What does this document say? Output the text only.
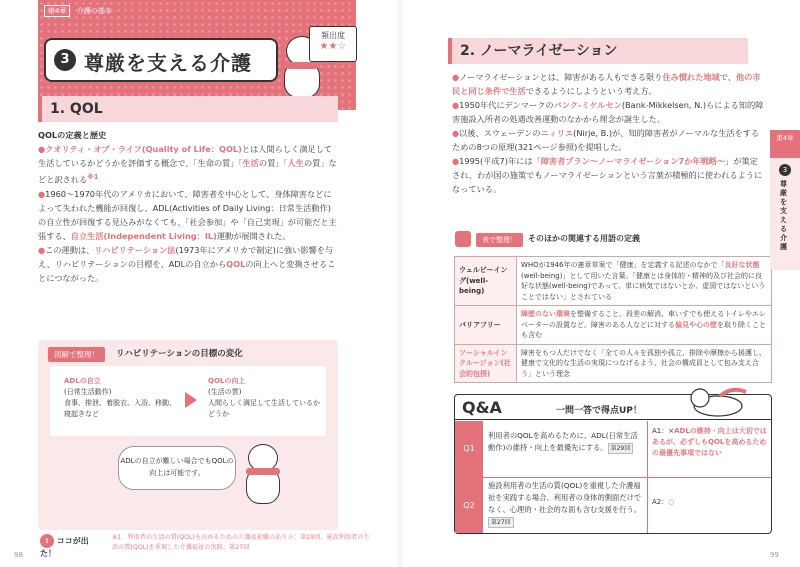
第4章 介護の基本
3 尊厳を支える介護
頻出度
★★☆
1. QOL
QOLの定義と歴史
●クオリティ・オブ・ライフ(Quality of Life：QOL)とは人間らしく満足して生活しているかどうかを評価する概念で、「生命の質」「生活の質」「人生の質」などと訳される$^{※1}$
●1960～1970年代のアメリカにおいて、障害者を中心として、身体障害などによって失われた機能が回復し、ADL(Activities of Daily Living：日常生活動作)の自立性が回復する見込みがなくても、「社会参加」や「自己実現」が可能だと主張する、自立生活(Independent Living：IL)運動が展開された。
●この運動は、リハビリテーション法(1973年にアメリカで制定)に強い影響を与え、リハビリテーションの目標を、ADLの自立からQOLの向上へと変換させることにつながった。
図解で整理！	リハビリテーションの目標の変化
ADLの自立
(日常生活動作)
食事、排泄、着脱衣、入浴、移動、寝起きなど
QOLの向上
(生活の質)
人間らしく満足して生活しているかどうか
ADLの自立が難しい場合でもQOLの向上は可能です。
! ココが出た！
※1　利用者の生活の質(QOL)を高めるための介護福祉職のあり方：第29回、施設利用者の生活の質(QOL)を重視した介護福祉の実践：第27回
98
2. ノーマライゼーション
●ノーマライゼーションとは、障害がある人もできる限り住み慣れた地域で、他の市民と同じ条件で生活できるようにしようという考え方。
●1950年代にデンマークのバンク-ミケルセン(Bank-Mikkelsen, N.)らによる知的障害施設入所者の処遇改善運動のなかから理念が誕生した。
●以後、スウェーデンのニィリエ(Nirje, B.)が、知的障害者がノーマルな生活をするための8つの原理(321ページ参照)を提唱した。
●1995(平成7)年には「障害者プラン～ノーマライゼーション7か年戦略～」が策定され、わが国の施策でもノーマライゼーションという言葉が積極的に使われるようになっている。
表で整理！	そのほかの関連する用語の定義
ウェルビーイング(well-being)	WHOが1946年の憲章草案で「健康」を定義する記述のなかで「良好な状態(well-being)」として用いた言葉。「健康とは身体的・精神的及び社会的に良好な状態(well-being)であって、単に病気ではないとか、虚弱ではないということではない」とされている
バリアフリー	障壁のない環境を整備すること。段差の解消、車いすでも使えるトイレやエレベーターの設置など。障害のある人などに対する偏見や心の壁を取り除くことも含む
ソーシャルインクルージョン(社会的包摂)	障害をもつ人だけでなく「全ての人々を孤独や孤立、排除や摩擦から援護し、健康で文化的な生活の実現につなげるよう、社会の構成員として包み支え合う」という理念
Q&A	一問一答で得点UP！
Q1
利用者のQOLを高めるために、ADL(日常生活動作)の維持・向上を最優先にする。 第29回
A1：×ADLの維持・向上は大切ではあるが、必ずしもQOLを高めるための最優先事項ではない
Q2
施設利用者の生活の質(QOL)を重視した介護福祉を実践する場合、利用者の身体的側面だけでなく、心理的・社会的な面も含む支援を行う。
第27回
A2：○
第4章
3
尊厳を支える介護
99
